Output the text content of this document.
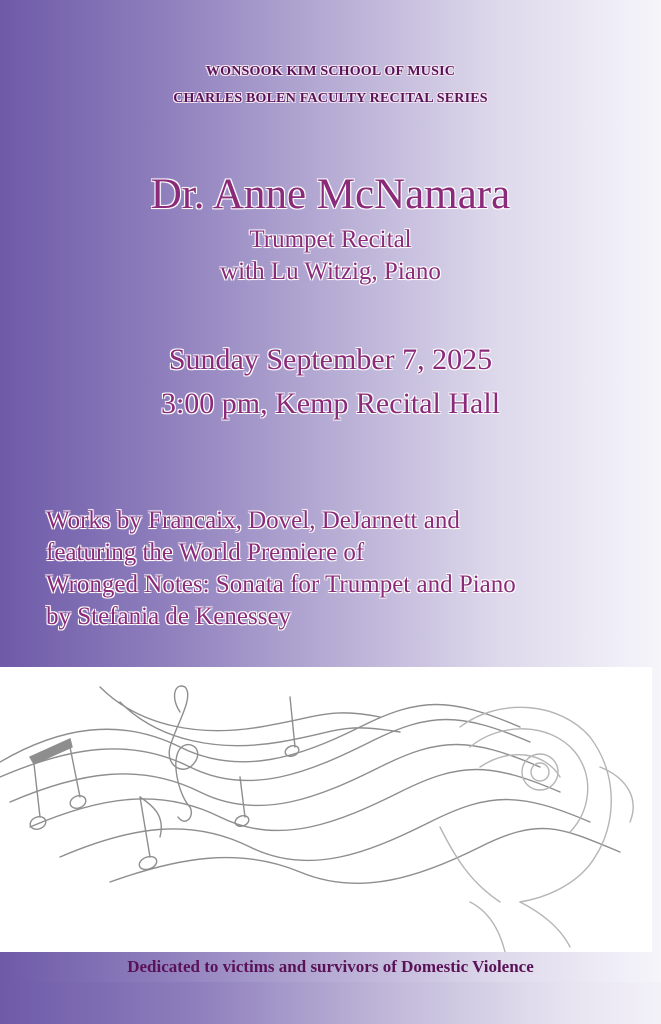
WONSOOK KIM SCHOOL OF MUSIC
CHARLES BOLEN FACULTY RECITAL SERIES
Dr. Anne McNamara
Trumpet Recital
with Lu Witzig, Piano
Sunday September 7, 2025
3:00 pm, Kemp Recital Hall
Works by Francaix, Dovel, DeJarnett and
featuring the World Premiere of
Wronged Notes: Sonata for Trumpet and Piano
by Stefania de Kenessey
Dedicated to victims and survivors of Domestic Violence
